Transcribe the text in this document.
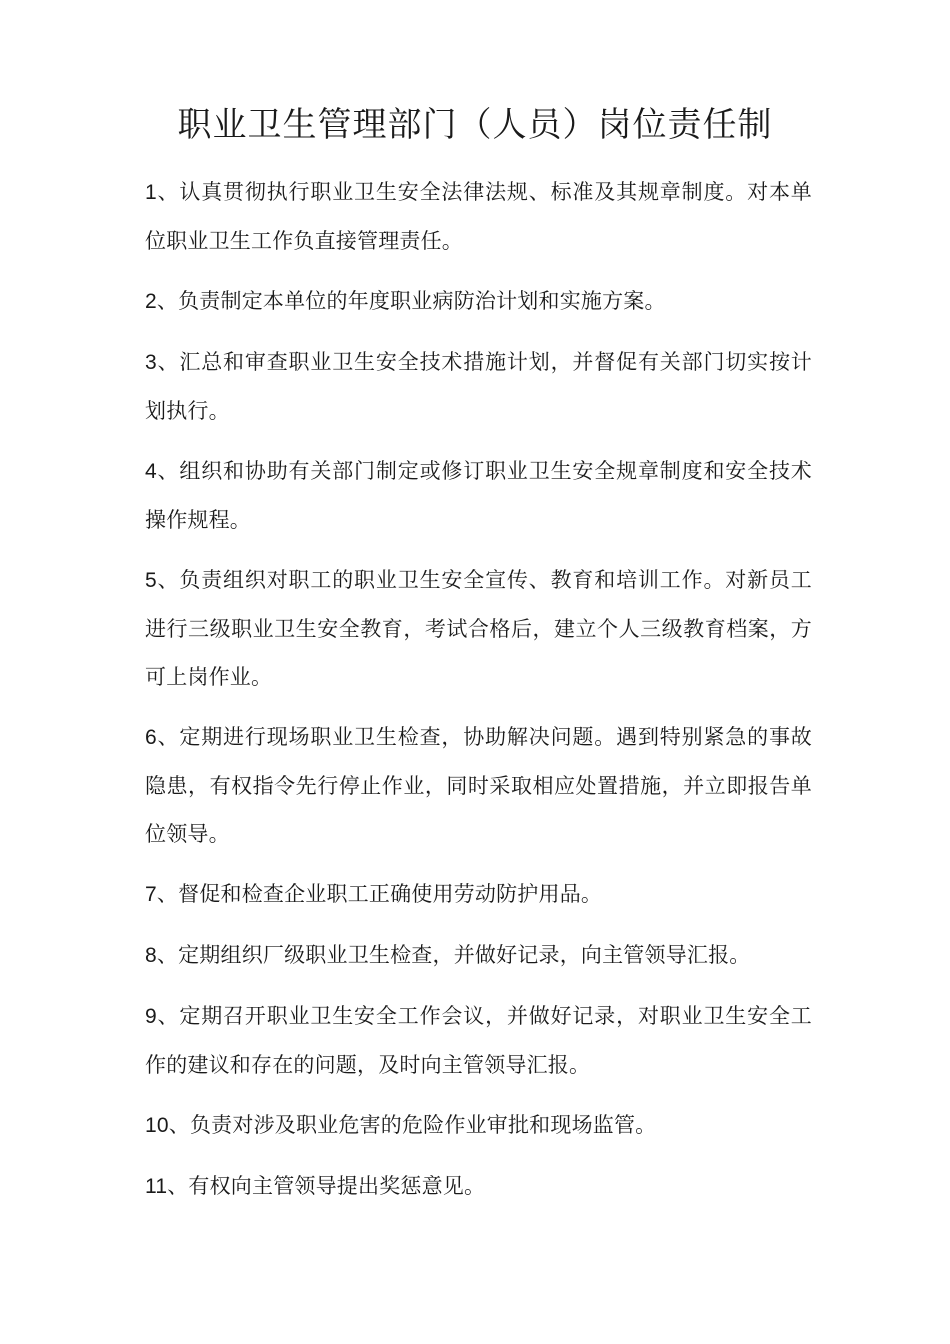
职业卫生管理部门（人员）岗位责任制

1、认真贯彻执行职业卫生安全法律法规、标准及其规章制度。对本单位职业卫生工作负直接管理责任。

2、负责制定本单位的年度职业病防治计划和实施方案。

3、汇总和审查职业卫生安全技术措施计划，并督促有关部门切实按计划执行。

4、组织和协助有关部门制定或修订职业卫生安全规章制度和安全技术操作规程。

5、负责组织对职工的职业卫生安全宣传、教育和培训工作。对新员工进行三级职业卫生安全教育，考试合格后，建立个人三级教育档案，方可上岗作业。

6、定期进行现场职业卫生检查，协助解决问题。遇到特别紧急的事故隐患，有权指令先行停止作业，同时采取相应处置措施，并立即报告单位领导。

7、督促和检查企业职工正确使用劳动防护用品。

8、定期组织厂级职业卫生检查，并做好记录，向主管领导汇报。

9、定期召开职业卫生安全工作会议，并做好记录，对职业卫生安全工作的建议和存在的问题，及时向主管领导汇报。

10、负责对涉及职业危害的危险作业审批和现场监管。

11、有权向主管领导提出奖惩意见。
